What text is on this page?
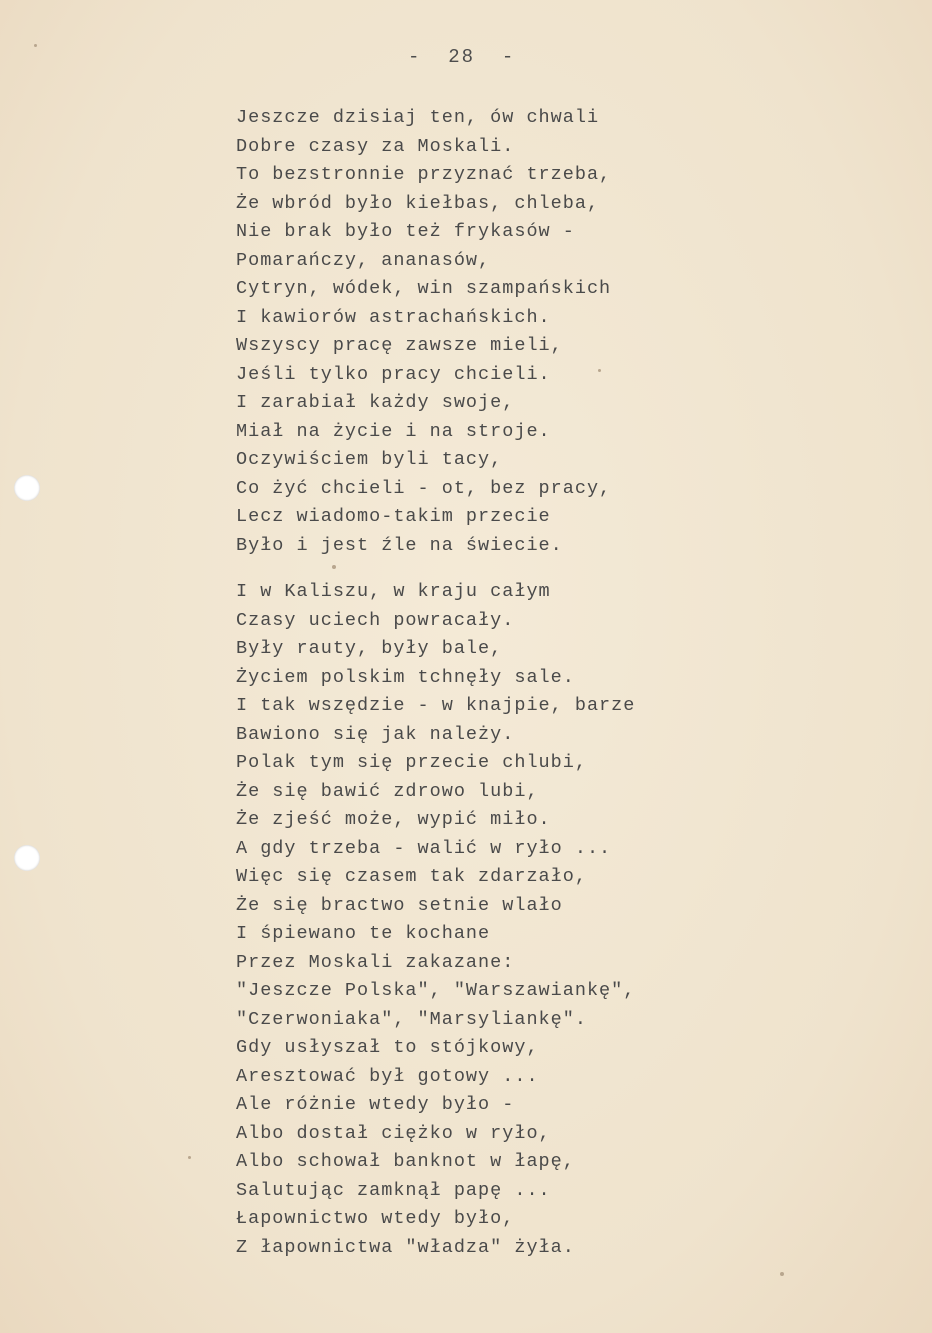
-  28  -
Jeszcze dzisiaj ten, ów chwali
Dobre czasy za Moskali.
To bezstronnie przyznać trzeba,
Że wbród było kiełbas, chleba,
Nie brak było też frykasów -
Pomarańczy, ananasów,
Cytryn, wódek, win szampańskich
I kawiorów astrachańskich.
Wszyscy pracę zawsze mieli,
Jeśli tylko pracy chcieli.
I zarabiał każdy swoje,
Miał na życie i na stroje.
Oczywiściem byli tacy,
Co żyć chcieli - ot, bez pracy,
Lecz wiadomo-takim przecie
Było i jest źle na świecie.
I w Kaliszu, w kraju całym
Czasy uciech powracały.
Były rauty, były bale,
Życiem polskim tchnęły sale.
I tak wszędzie - w knajpie, barze
Bawiono się jak należy.
Polak tym się przecie chlubi,
Że się bawić zdrowo lubi,
Że zjeść może, wypić miło.
A gdy trzeba - walić w ryło ...
Więc się czasem tak zdarzało,
Że się bractwo setnie wlało
I śpiewano te kochane
Przez Moskali zakazane:
"Jeszcze Polska", "Warszawiankę",
"Czerwoniaka", "Marsyliankę".
Gdy usłyszał to stójkowy,
Aresztować był gotowy ...
Ale różnie wtedy było -
Albo dostał ciężko w ryło,
Albo schował banknot w łapę,
Salutując zamknął papę ...
Łapownictwo wtedy było,
Z łapownictwa "władza" żyła.
